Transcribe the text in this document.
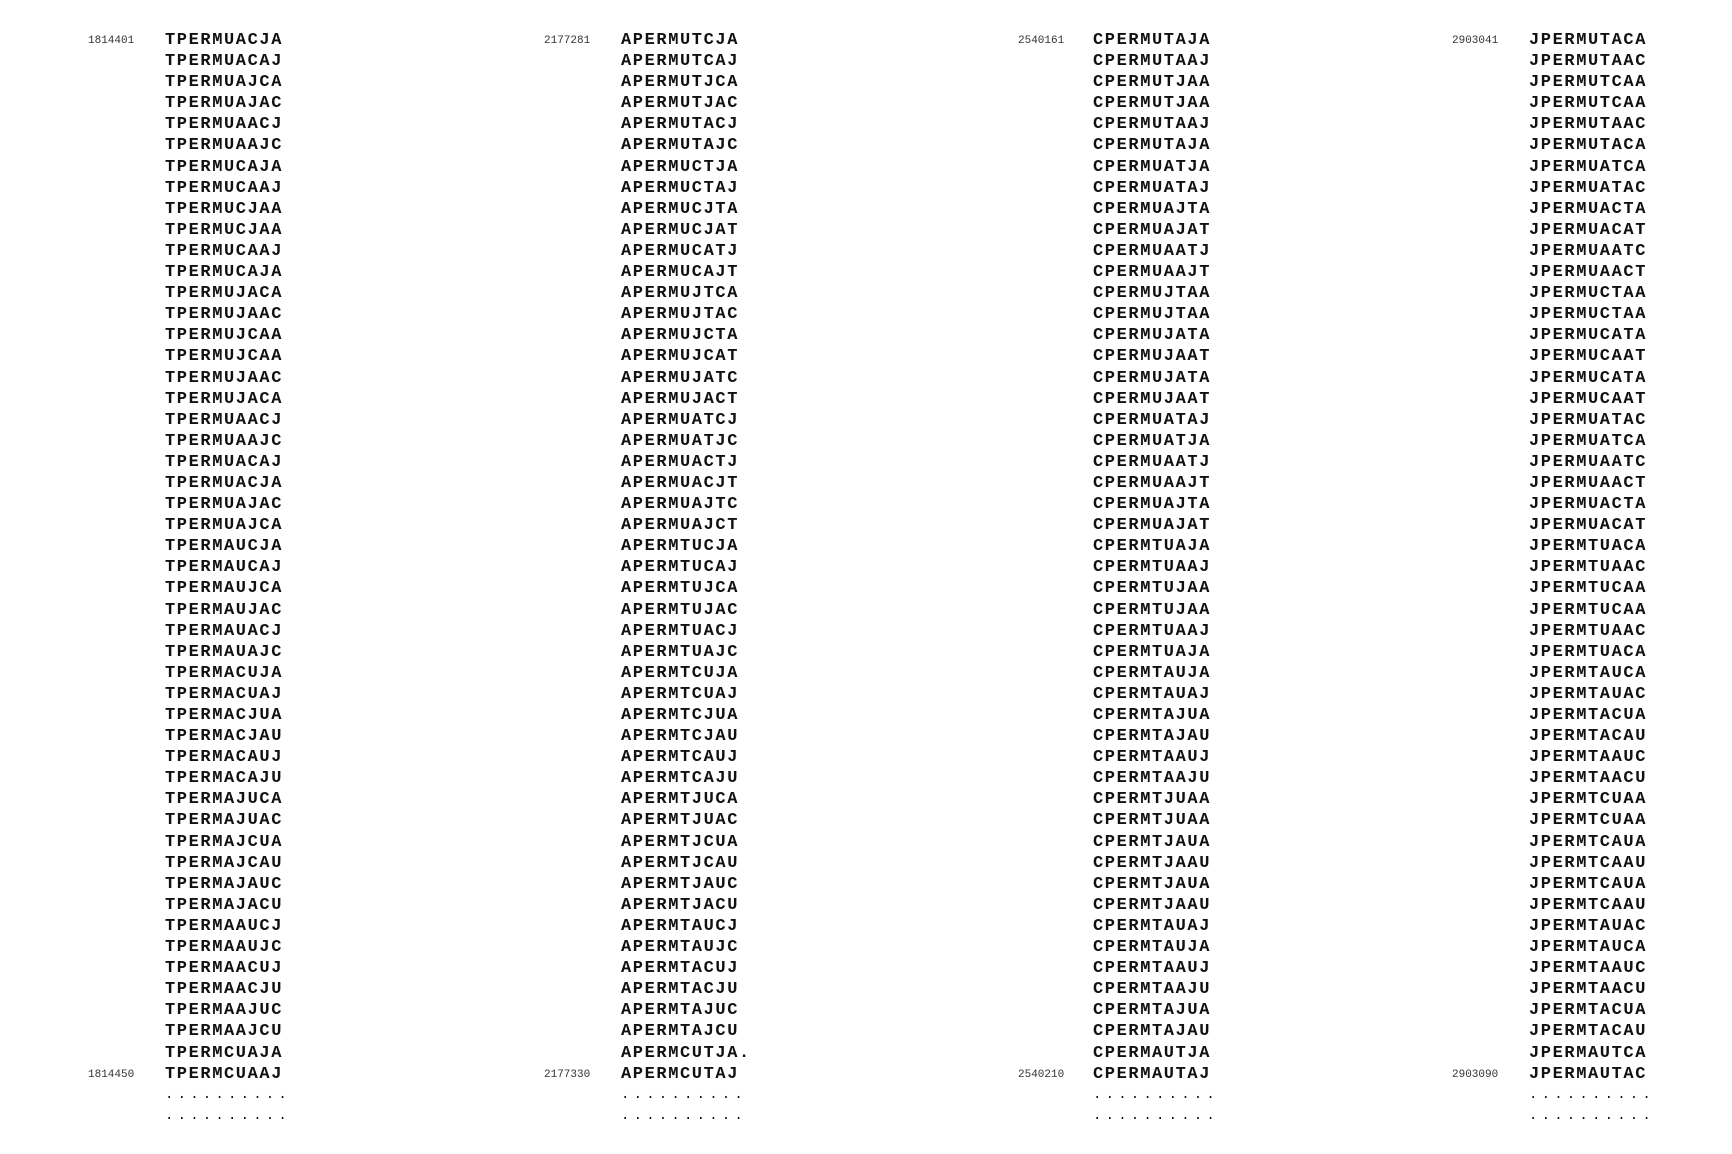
1814401
1814450
TPERMUACJA
TPERMUACAJ
TPERMUAJCA
TPERMUAJAC
TPERMUAACJ
TPERMUAAJC
TPERMUCAJA
TPERMUCAAJ
TPERMUCJAA
TPERMUCJAA
TPERMUCAAJ
TPERMUCAJA
TPERMUJACA
TPERMUJAAC
TPERMUJCAA
TPERMUJCAA
TPERMUJAAC
TPERMUJACA
TPERMUAACJ
TPERMUAAJC
TPERMUACAJ
TPERMUACJA
TPERMUAJAC
TPERMUAJCA
TPERMAUCJA
TPERMAUCAJ
TPERMAUJCA
TPERMAUJAC
TPERMAUACJ
TPERMAUAJC
TPERMACUJA
TPERMACUAJ
TPERMACJUA
TPERMACJAU
TPERMACAUJ
TPERMACAJU
TPERMAJUCA
TPERMAJUAC
TPERMAJCUA
TPERMAJCAU
TPERMAJAUC
TPERMAJACU
TPERMAAUCJ
TPERMAAUJC
TPERMAACUJ
TPERMAACJU
TPERMAAJUC
TPERMAAJCU
TPERMCUAJA
TPERMCUAAJ
..........
..........
2177281
2177330
APERMUTCJA
APERMUTCAJ
APERMUTJCA
APERMUTJAC
APERMUTACJ
APERMUTAJC
APERMUCTJA
APERMUCTAJ
APERMUCJTA
APERMUCJAT
APERMUCATJ
APERMUCAJT
APERMUJTCA
APERMUJTAC
APERMUJCTA
APERMUJCAT
APERMUJATC
APERMUJACT
APERMUATCJ
APERMUATJC
APERMUACTJ
APERMUACJT
APERMUAJTC
APERMUAJCT
APERMTUCJA
APERMTUCAJ
APERMTUJCA
APERMTUJAC
APERMTUACJ
APERMTUAJC
APERMTCUJA
APERMTCUAJ
APERMTCJUA
APERMTCJAU
APERMTCAUJ
APERMTCAJU
APERMTJUCA
APERMTJUAC
APERMTJCUA
APERMTJCAU
APERMTJAUC
APERMTJACU
APERMTAUCJ
APERMTAUJC
APERMTACUJ
APERMTACJU
APERMTAJUC
APERMTAJCU
APERMCUTJA.
APERMCUTAJ
..........
..........
2540161
2540210
CPERMUTAJA
CPERMUTAAJ
CPERMUTJAA
CPERMUTJAA
CPERMUTAAJ
CPERMUTAJA
CPERMUATJA
CPERMUATAJ
CPERMUAJTA
CPERMUAJAT
CPERMUAATJ
CPERMUAAJT
CPERMUJTAA
CPERMUJTAA
CPERMUJATA
CPERMUJAAT
CPERMUJATA
CPERMUJAAT
CPERMUATAJ
CPERMUATJA
CPERMUAATJ
CPERMUAAJT
CPERMUAJTA
CPERMUAJAT
CPERMTUAJA
CPERMTUAAJ
CPERMTUJAA
CPERMTUJAA
CPERMTUAAJ
CPERMTUAJA
CPERMTAUJA
CPERMTAUAJ
CPERMTAJUA
CPERMTAJAU
CPERMTAAUJ
CPERMTAAJU
CPERMTJUAA
CPERMTJUAA
CPERMTJAUA
CPERMTJAAU
CPERMTJAUA
CPERMTJAAU
CPERMTAUAJ
CPERMTAUJA
CPERMTAAUJ
CPERMTAAJU
CPERMTAJUA
CPERMTAJAU
CPERMAUTJA
CPERMAUTAJ
..........
..........
2903041
2903090
JPERMUTACA
JPERMUTAAC
JPERMUTCAA
JPERMUTCAA
JPERMUTAAC
JPERMUTACA
JPERMUATCA
JPERMUATAC
JPERMUACTA
JPERMUACAT
JPERMUAATC
JPERMUAACT
JPERMUCTAA
JPERMUCTAA
JPERMUCATA
JPERMUCAAT
JPERMUCATA
JPERMUCAAT
JPERMUATAC
JPERMUATCA
JPERMUAATC
JPERMUAACT
JPERMUACTA
JPERMUACAT
JPERMTUACA
JPERMTUAAC
JPERMTUCAA
JPERMTUCAA
JPERMTUAAC
JPERMTUACA
JPERMTAUCA
JPERMTAUAC
JPERMTACUA
JPERMTACAU
JPERMTAAUC
JPERMTAACU
JPERMTCUAA
JPERMTCUAA
JPERMTCAUA
JPERMTCAAU
JPERMTCAUA
JPERMTCAAU
JPERMTAUAC
JPERMTAUCA
JPERMTAAUC
JPERMTAACU
JPERMTACUA
JPERMTACAU
JPERMAUTCA
JPERMAUTAC
..........
..........
